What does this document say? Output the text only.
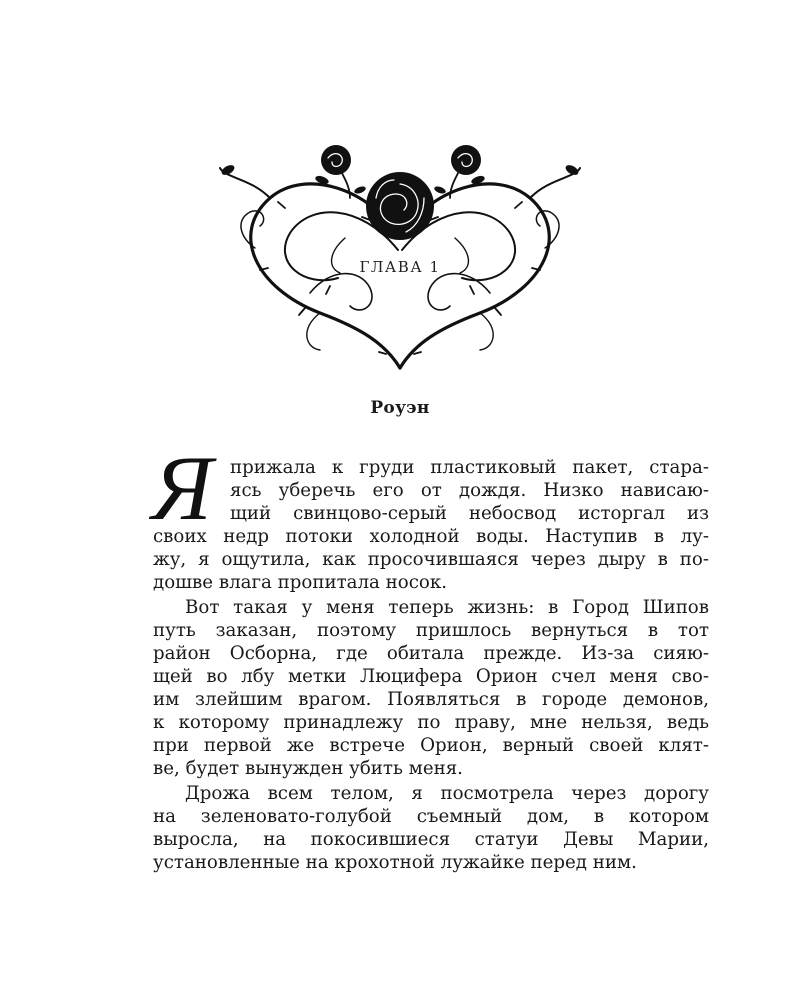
ГЛАВА 1
Роуэн
Я прижала к груди пластиковый пакет, стара-
ясь уберечь его от дождя. Низко нависаю-
щий свинцово-серый небосвод исторгал из
своих недр потоки холодной воды. Наступив в лу-
жу, я ощутила, как просочившаяся через дыру в по-
дошве влага пропитала носок.
Вот такая у меня теперь жизнь: в Город Шипов
путь заказан, поэтому пришлось вернуться в тот
район Осборна, где обитала прежде. Из-за сияю-
щей во лбу метки Люцифера Орион счел меня сво-
им злейшим врагом. Появляться в городе демонов,
к которому принадлежу по праву, мне нельзя, ведь
при первой же встрече Орион, верный своей клят-
ве, будет вынужден убить меня.
Дрожа всем телом, я посмотрела через дорогу
на зеленовато-голубой съемный дом, в котором
выросла, на покосившиеся статуи Девы Марии,
установленные на крохотной лужайке перед ним.
